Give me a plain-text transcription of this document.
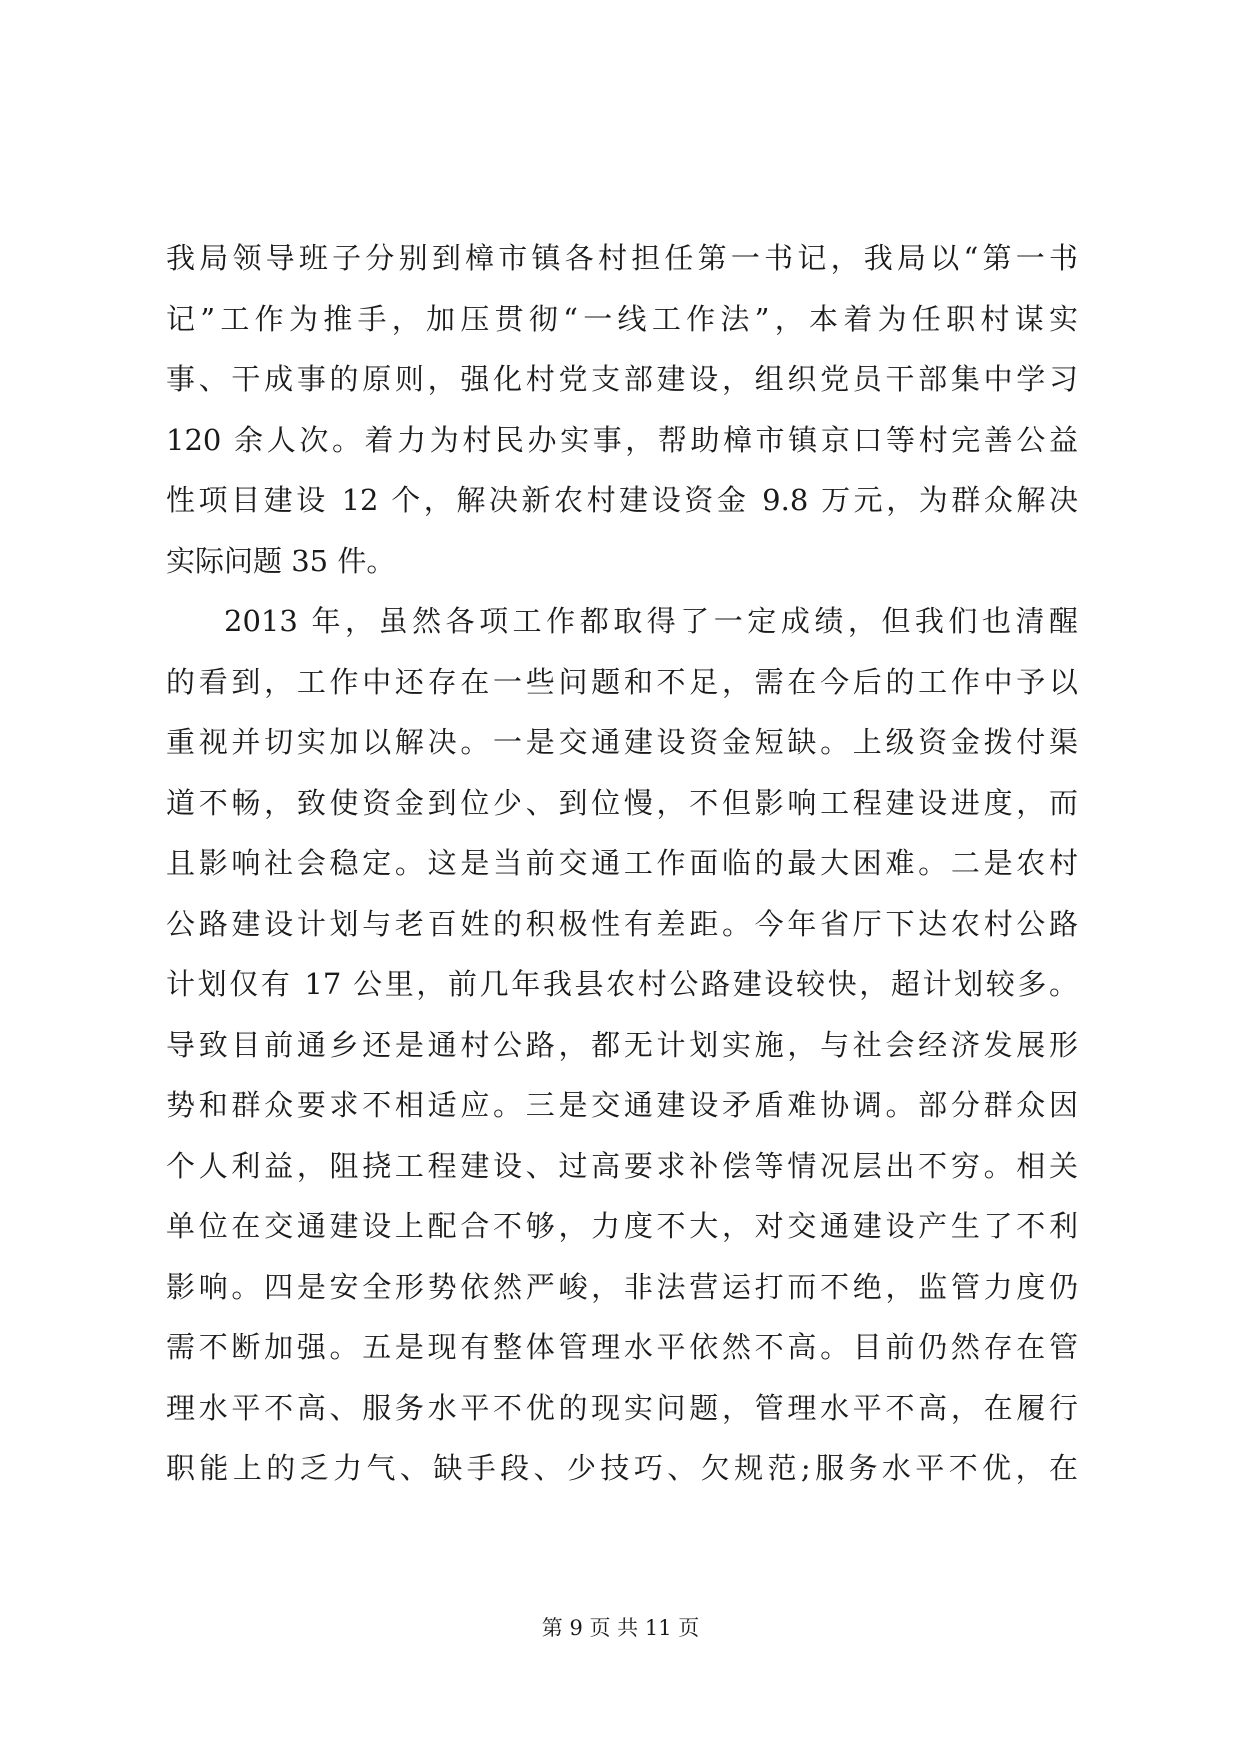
我局领导班子分别到樟市镇各村担任第一书记，我局以“第一书
记”工作为推手，加压贯彻“一线工作法”，本着为任职村谋实
事、干成事的原则，强化村党支部建设，组织党员干部集中学习
120 余人次。着力为村民办实事，帮助樟市镇京口等村完善公益
性项目建设 12 个，解决新农村建设资金 9.8 万元，为群众解决
实际问题 35 件。
2013 年，虽然各项工作都取得了一定成绩，但我们也清醒
的看到，工作中还存在一些问题和不足，需在今后的工作中予以
重视并切实加以解决。一是交通建设资金短缺。上级资金拨付渠
道不畅，致使资金到位少、到位慢，不但影响工程建设进度，而
且影响社会稳定。这是当前交通工作面临的最大困难。二是农村
公路建设计划与老百姓的积极性有差距。今年省厅下达农村公路
计划仅有 17 公里，前几年我县农村公路建设较快，超计划较多。
导致目前通乡还是通村公路，都无计划实施，与社会经济发展形
势和群众要求不相适应。三是交通建设矛盾难协调。部分群众因
个人利益，阻挠工程建设、过高要求补偿等情况层出不穷。相关
单位在交通建设上配合不够，力度不大，对交通建设产生了不利
影响。四是安全形势依然严峻，非法营运打而不绝，监管力度仍
需不断加强。五是现有整体管理水平依然不高。目前仍然存在管
理水平不高、服务水平不优的现实问题，管理水平不高，在履行
职能上的乏力气、缺手段、少技巧、欠规范;服务水平不优，在
第 9 页 共 11 页
